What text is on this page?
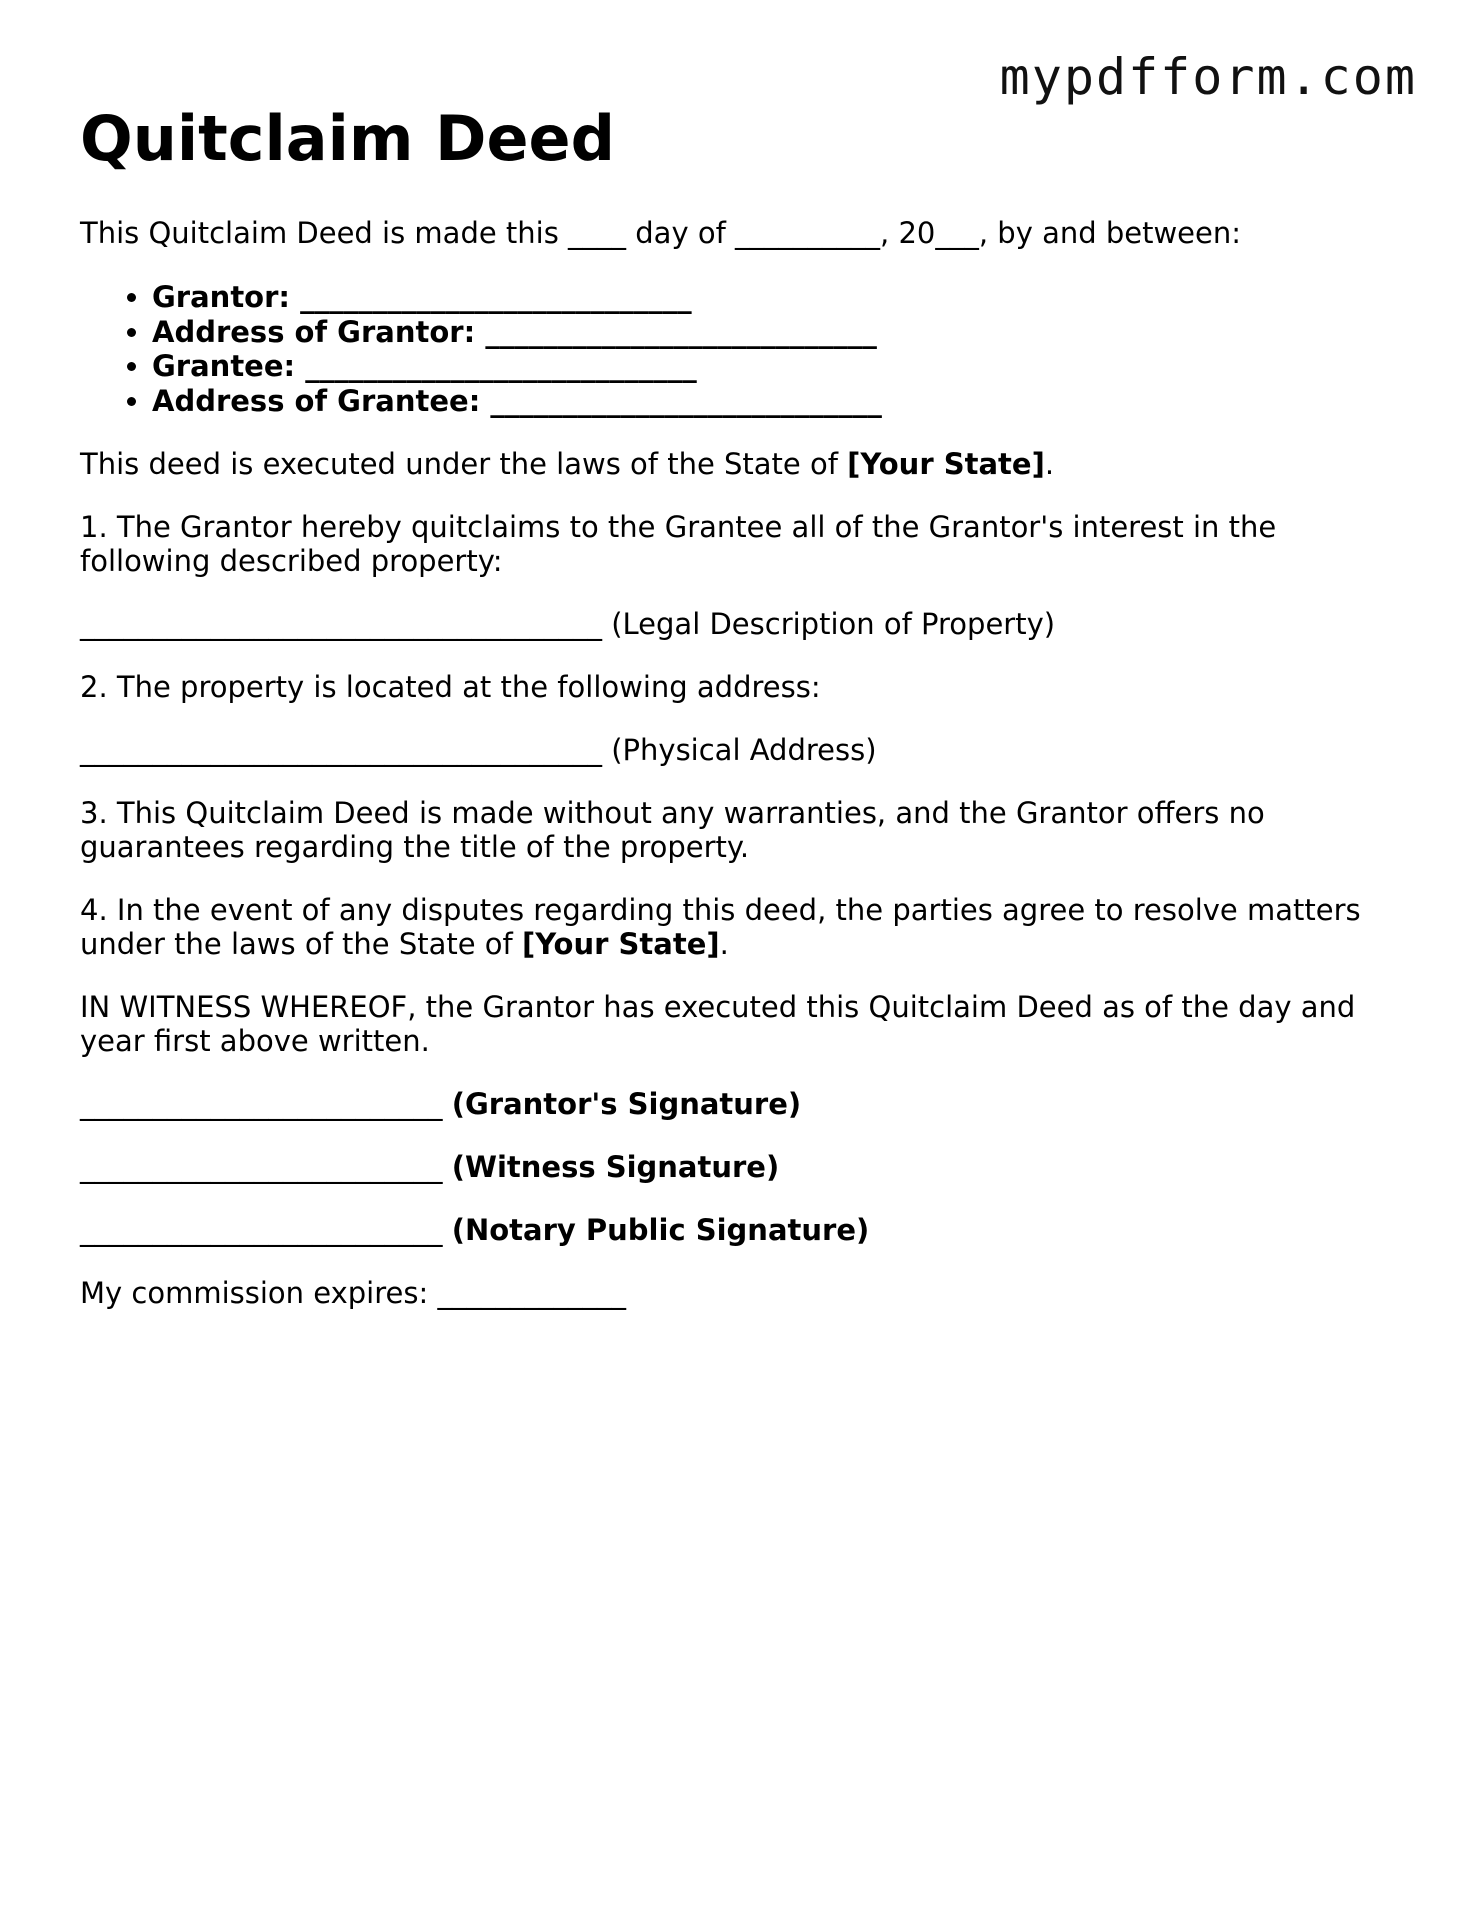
mypdfform.com
Quitclaim Deed

This Quitclaim Deed is made this ____ day of __________, 20___, by and between:

• Grantor: ___________________________
• Address of Grantor: ___________________________
• Grantee: ___________________________
• Address of Grantee: ___________________________

This deed is executed under the laws of the State of [Your State].

1. The Grantor hereby quitclaims to the Grantee all of the Grantor's interest in the following described property:

____________________________________ (Legal Description of Property)

2. The property is located at the following address:

____________________________________ (Physical Address)

3. This Quitclaim Deed is made without any warranties, and the Grantor offers no guarantees regarding the title of the property.

4. In the event of any disputes regarding this deed, the parties agree to resolve matters under the laws of the State of [Your State].

IN WITNESS WHEREOF, the Grantor has executed this Quitclaim Deed as of the day and year first above written.

_________________________ (Grantor's Signature)

_________________________ (Witness Signature)

_________________________ (Notary Public Signature)

My commission expires: _____________
